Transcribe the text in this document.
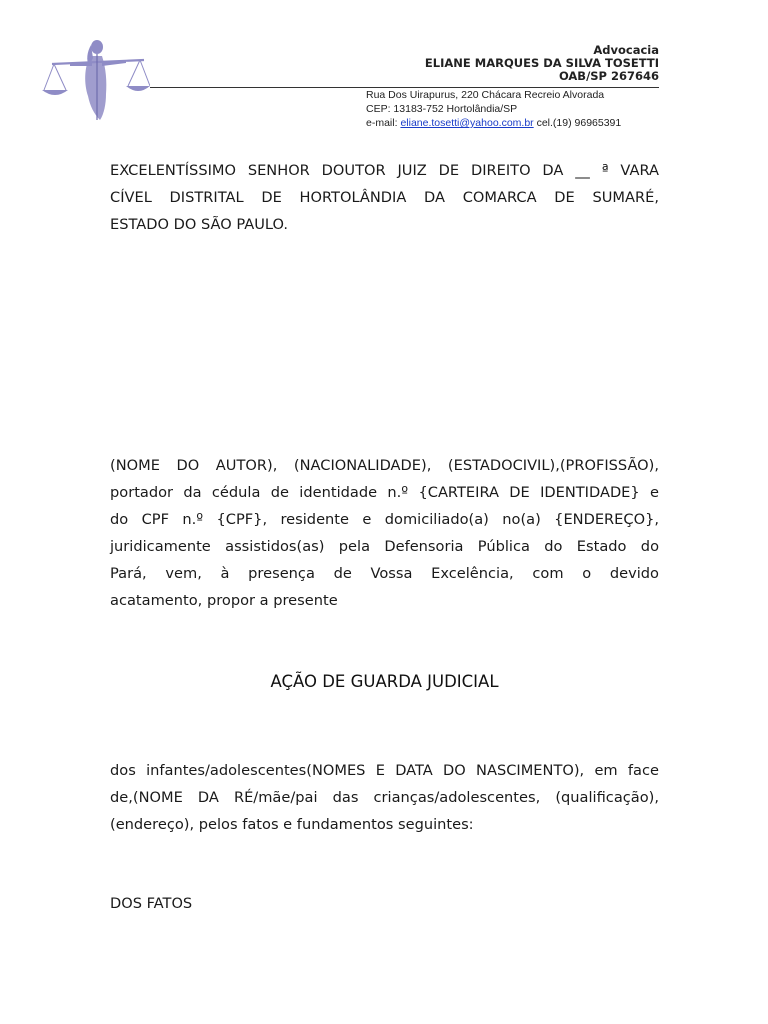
Advocacia
ELIANE MARQUES DA SILVA TOSETTI
OAB/SP 267646
Rua Dos Uirapurus, 220 Chácara Recreio Alvorada
CEP: 13183-752 Hortolândia/SP
e-mail: eliane.tosetti@yahoo.com.br cel.(19) 96965391
EXCELENTÍSSIMO SENHOR DOUTOR JUIZ DE DIREITO DA __ ª VARA
CÍVEL DISTRITAL DE HORTOLÂNDIA DA COMARCA DE SUMARÉ,
ESTADO DO SÃO PAULO.
(NOME DO AUTOR), (NACIONALIDADE), (ESTADOCIVIL),(PROFISSÃO),
portador da cédula de identidade n.º {CARTEIRA DE IDENTIDADE} e
do CPF n.º {CPF}, residente e domiciliado(a) no(a) {ENDEREÇO},
juridicamente assistidos(as) pela Defensoria Pública do Estado do
Pará, vem, à presença de Vossa Excelência, com o devido
acatamento, propor a presente
AÇÃO DE GUARDA JUDICIAL
dos infantes/adolescentes(NOMES E DATA DO NASCIMENTO), em face
de,(NOME DA RÉ/mãe/pai das crianças/adolescentes, (qualificação),
(endereço), pelos fatos e fundamentos seguintes:
DOS FATOS
